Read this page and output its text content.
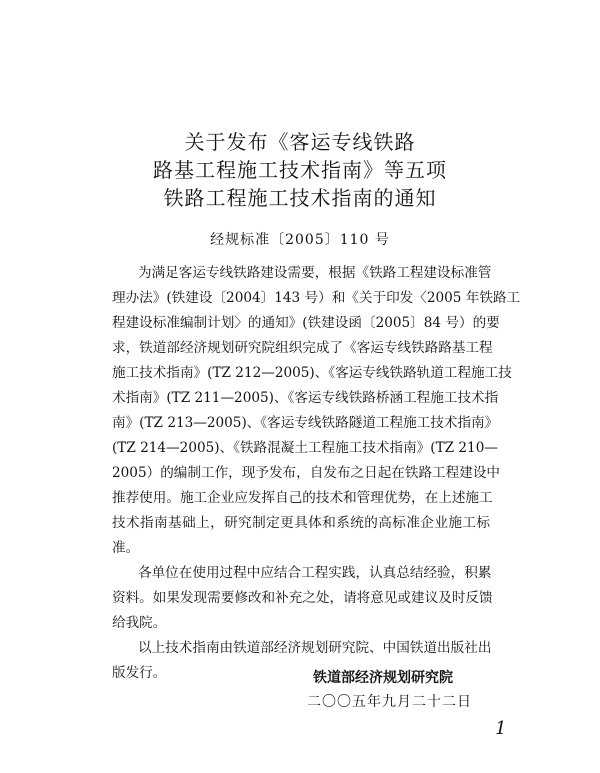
关于发布《客运专线铁路
路基工程施工技术指南》等五项
铁路工程施工技术指南的通知
经规标准〔2005〕110 号
为满足客运专线铁路建设需要，根据《铁路工程建设标准管
理办法》(铁建设〔2004〕143 号）和《关于印发〈2005 年铁路工
程建设标准编制计划〉的通知》(铁建设函〔2005〕84 号）的要
求，铁道部经济规划研究院组织完成了《客运专线铁路路基工程
施工技术指南》(TZ 212—2005)、《客运专线铁路轨道工程施工技
术指南》(TZ 211—2005)、《客运专线铁路桥涵工程施工技术指
南》(TZ 213—2005)、《客运专线铁路隧道工程施工技术指南》
(TZ 214—2005)、《铁路混凝土工程施工技术指南》(TZ 210—
2005）的编制工作，现予发布，自发布之日起在铁路工程建设中
推荐使用。施工企业应发挥自己的技术和管理优势，在上述施工
技术指南基础上，研究制定更具体和系统的高标准企业施工标
准。
各单位在使用过程中应结合工程实践，认真总结经验，积累
资料。如果发现需要修改和补充之处，请将意见或建议及时反馈
给我院。
以上技术指南由铁道部经济规划研究院、中国铁道出版社出
版发行。	铁道部经济规划研究院
二〇〇五年九月二十二日
1
